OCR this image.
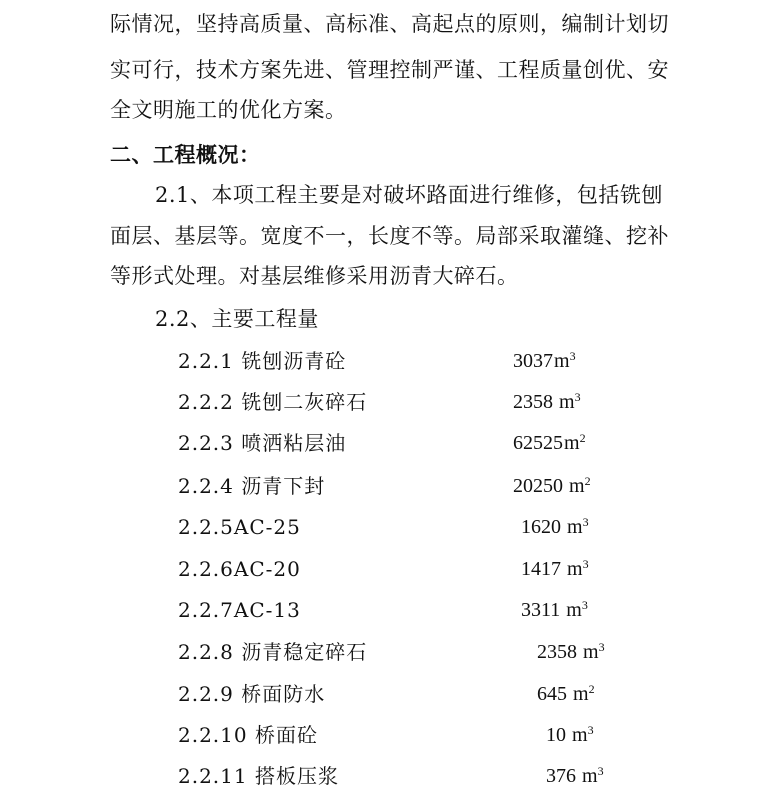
际情况，坚持高质量、高标准、高起点的原则，编制计划切
实可行，技术方案先进、管理控制严谨、工程质量创优、安
全文明施工的优化方案。
二、工程概况：
2.1、本项工程主要是对破坏路面进行维修，包括铣刨
面层、基层等。宽度不一，长度不等。局部采取灌缝、挖补
等形式处理。对基层维修采用沥青大碎石。
2.2、主要工程量
2.2.1 铣刨沥青砼	$3037m^3$
2.2.2 铣刨二灰碎石	2358 $m^3$
2.2.3 喷洒粘层油	$62525m^2$
2.2.4 沥青下封	20250 $m^2$
2.2.5AC-25	1620 $m^3$
2.2.6AC-20	1417 $m^3$
2.2.7AC-13	3311 $m^3$
2.2.8 沥青稳定碎石	2358 $m^3$
2.2.9 桥面防水	645 $m^2$
2.2.10 桥面砼	10 $m^3$
2.2.11 搭板压浆	376 $m^3$
